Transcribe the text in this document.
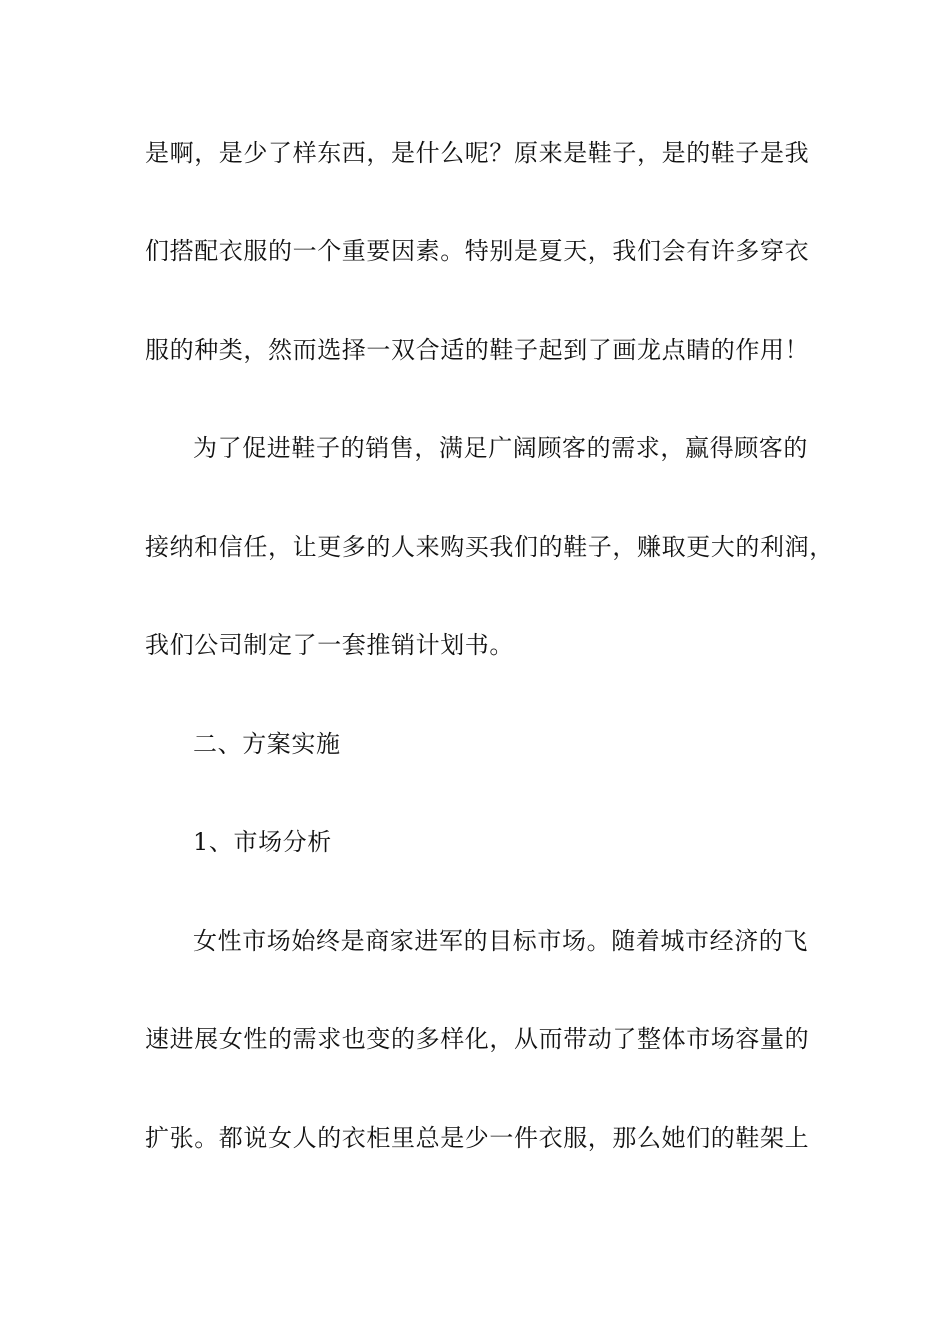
是啊，是少了样东西，是什么呢？原来是鞋子，是的鞋子是我
们搭配衣服的一个重要因素。特别是夏天，我们会有许多穿衣
服的种类，然而选择一双合适的鞋子起到了画龙点睛的作用！
为了促进鞋子的销售，满足广阔顾客的需求，赢得顾客的
接纳和信任，让更多的人来购买我们的鞋子，赚取更大的利润，
我们公司制定了一套推销计划书。
二、方案实施
1、市场分析
女性市场始终是商家进军的目标市场。随着城市经济的飞
速进展女性的需求也变的多样化，从而带动了整体市场容量的
扩张。都说女人的衣柜里总是少一件衣服，那么她们的鞋架上
